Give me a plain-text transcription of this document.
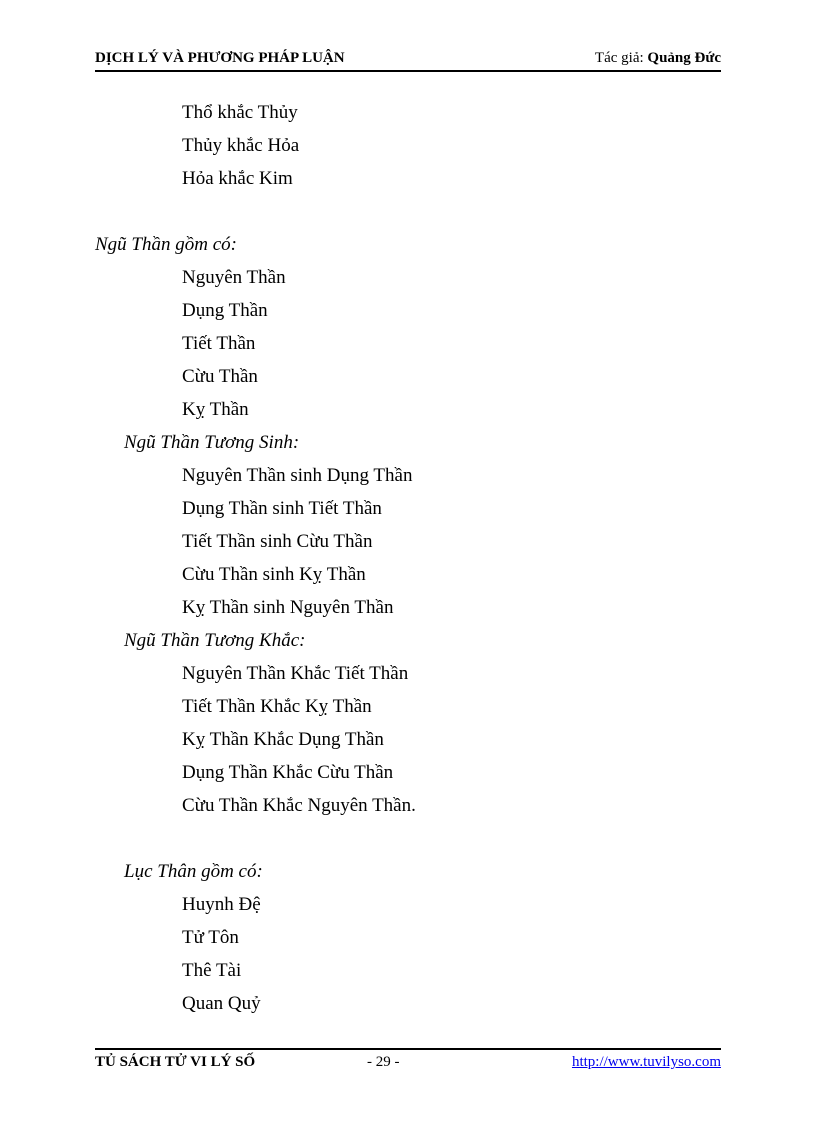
DỊCH LÝ VÀ PHƯƠNG PHÁP LUẬN	Tác giả: Quảng Đức
Thổ khắc Thủy
Thủy khắc Hỏa
Hỏa khắc Kim
Ngũ Thần gồm có:
Nguyên Thần
Dụng Thần
Tiết Thần
Cừu Thần
Kỵ Thần
Ngũ Thần Tương Sinh:
Nguyên Thần sinh Dụng Thần
Dụng Thần sinh Tiết Thần
Tiết Thần sinh Cừu Thần
Cừu Thần sinh Kỵ Thần
Kỵ Thần sinh Nguyên Thần
Ngũ Thần Tương Khắc:
Nguyên Thần Khắc Tiết Thần
Tiết Thần Khắc Kỵ Thần
Kỵ Thần Khắc Dụng Thần
Dụng Thần Khắc Cừu Thần
Cừu Thần Khắc Nguyên Thần.
Lục Thân gồm có:
Huynh Đệ
Tử Tôn
Thê Tài
Quan Quỷ
TỦ SÁCH TỬ VI LÝ SỐ	- 29 -	http://www.tuvilyso.com
